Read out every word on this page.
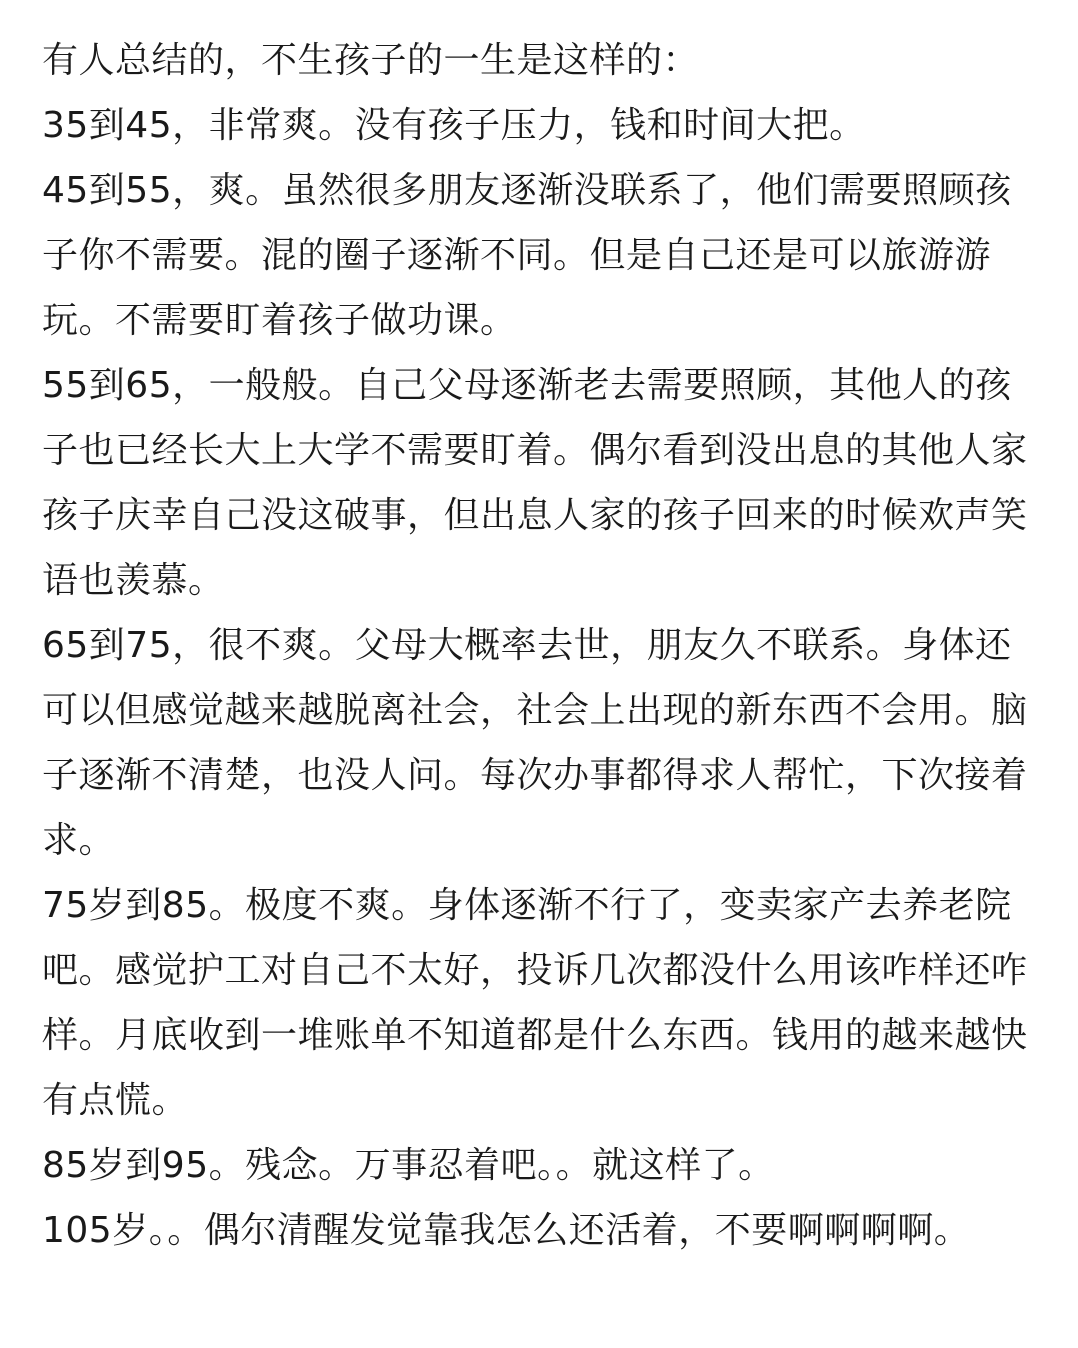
有人总结的，不生孩子的一生是这样的：

35到45，非常爽。没有孩子压力，钱和时间大把。

45到55，爽。虽然很多朋友逐渐没联系了，他们需要照顾孩子你不需要。混的圈子逐渐不同。但是自己还是可以旅游游玩。不需要盯着孩子做功课。

55到65，一般般。自己父母逐渐老去需要照顾，其他人的孩子也已经长大上大学不需要盯着。偶尔看到没出息的其他人家孩子庆幸自己没这破事，但出息人家的孩子回来的时候欢声笑语也羡慕。

65到75，很不爽。父母大概率去世，朋友久不联系。身体还可以但感觉越来越脱离社会，社会上出现的新东西不会用。脑子逐渐不清楚，也没人问。每次办事都得求人帮忙，下次接着求。

75岁到85。极度不爽。身体逐渐不行了，变卖家产去养老院吧。感觉护工对自己不太好，投诉几次都没什么用该咋样还咋样。月底收到一堆账单不知道都是什么东西。钱用的越来越快有点慌。

85岁到95。残念。万事忍着吧。。就这样了。

105岁。。偶尔清醒发觉靠我怎么还活着，不要啊啊啊啊。
